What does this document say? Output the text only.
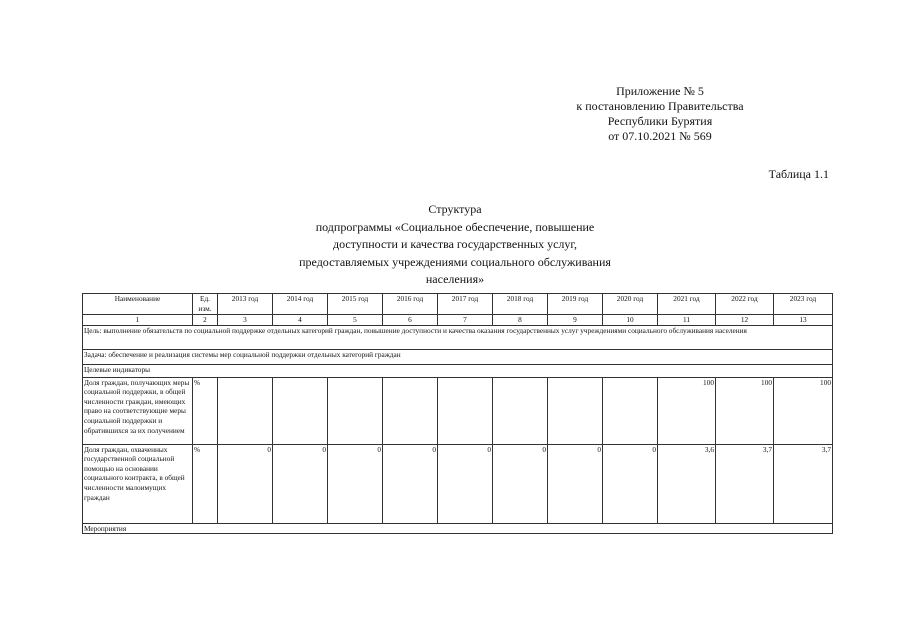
Приложение № 5
к постановлению Правительства
Республики Бурятия
от 07.10.2021 № 569
Таблица 1.1
Структура
подпрограммы «Социальное обеспечение, повышение
доступности и качества государственных услуг,
предоставляемых учреждениями социального обслуживания
населения»
Наименование	Ед. изм.	2013 год	2014 год	2015 год	2016 год	2017 год	2018 год	2019 год	2020 год	2021 год	2022 год	2023 год
1	2	3	4	5	6	7	8	9	10	11	12	13
Цель: выполнение обязательств по социальной поддержке отдельных категорий граждан, повышение доступности и качества оказания государственных услуг учреждениями социального обслуживания населения												
Задача: обеспечение и реализация системы мер социальной поддержки отдельных категорий граждан												
Целевые индикаторы												

Доля граждан, получающих меры социальной поддержки, в общей численности граждан, имеющих право на соответствующие меры социальной поддержки и обратившихся за их получением	%									100	100	100
Доля граждан, охваченных государственной социальной помощью на основании социального контракта, в общей численности малоимущих граждан	%	0	0	0	0	0	0	0	0	3,6	3,7	3,7
Мероприятия												
